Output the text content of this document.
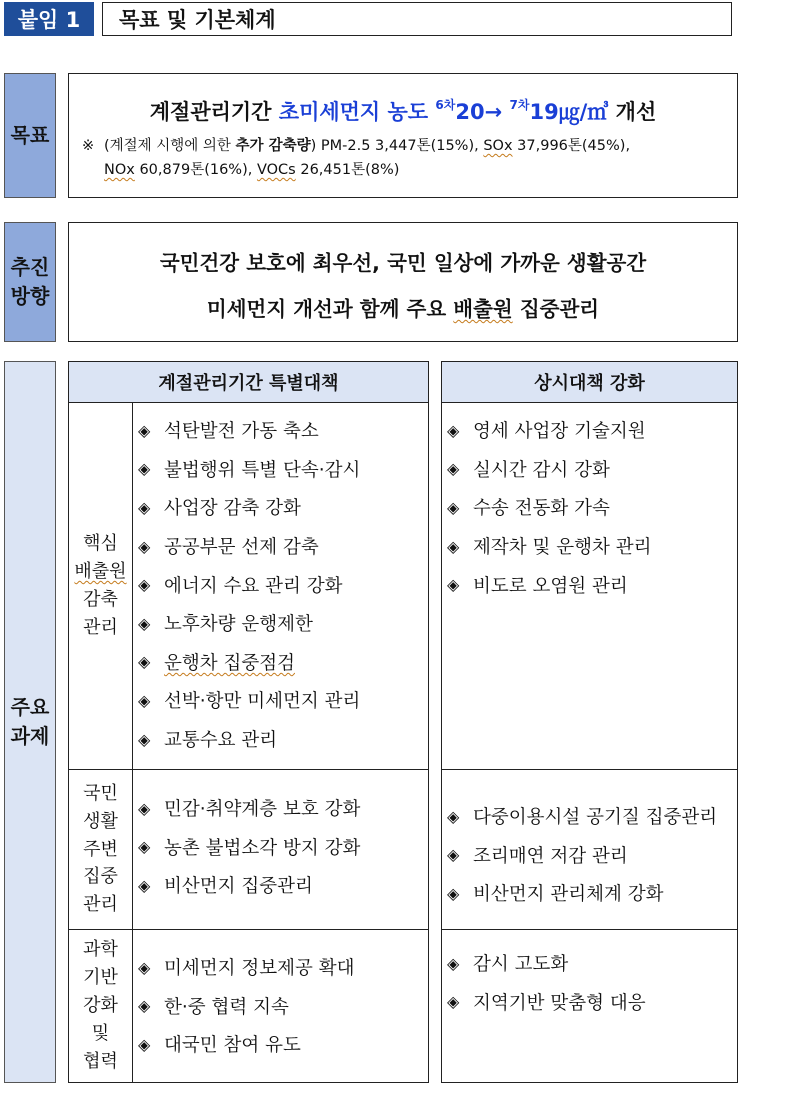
붙임 1	목표 및 기본체계
목표
계절관리기간 초미세먼지 농도 $^{6차}$20→ $^{7차}$19㎍/㎥ 개선
※ (계절제 시행에 의한 추가 감축량) PM-2.5 3,447톤(15%), SOx 37,996톤(45%),
NOx 60,879톤(16%), VOCs 26,451톤(8%)
추진
방향
국민건강 보호에 최우선, 국민 일상에 가까운 생활공간
미세먼지 개선과 함께 주요 배출원 집중관리
주요
과제
계절관리기간 특별대책	상시대책 강화
핵심
배출원
감축
관리
◈ 석탄발전 가동 축소
◈ 불법행위 특별 단속·감시
◈ 사업장 감축 강화
◈ 공공부문 선제 감축
◈ 에너지 수요 관리 강화
◈ 노후차량 운행제한
◈ 운행차 집중점검
◈ 선박·항만 미세먼지 관리
◈ 교통수요 관리
◈ 영세 사업장 기술지원
◈ 실시간 감시 강화
◈ 수송 전동화 가속
◈ 제작차 및 운행차 관리
◈ 비도로 오염원 관리
국민
생활
주변
집중
관리
◈ 민감·취약계층 보호 강화
◈ 농촌 불법소각 방지 강화
◈ 비산먼지 집중관리
◈ 다중이용시설 공기질 집중관리
◈ 조리매연 저감 관리
◈ 비산먼지 관리체계 강화
과학
기반
강화
및
협력
◈ 미세먼지 정보제공 확대
◈ 한·중 협력 지속
◈ 대국민 참여 유도
◈ 감시 고도화
◈ 지역기반 맞춤형 대응
